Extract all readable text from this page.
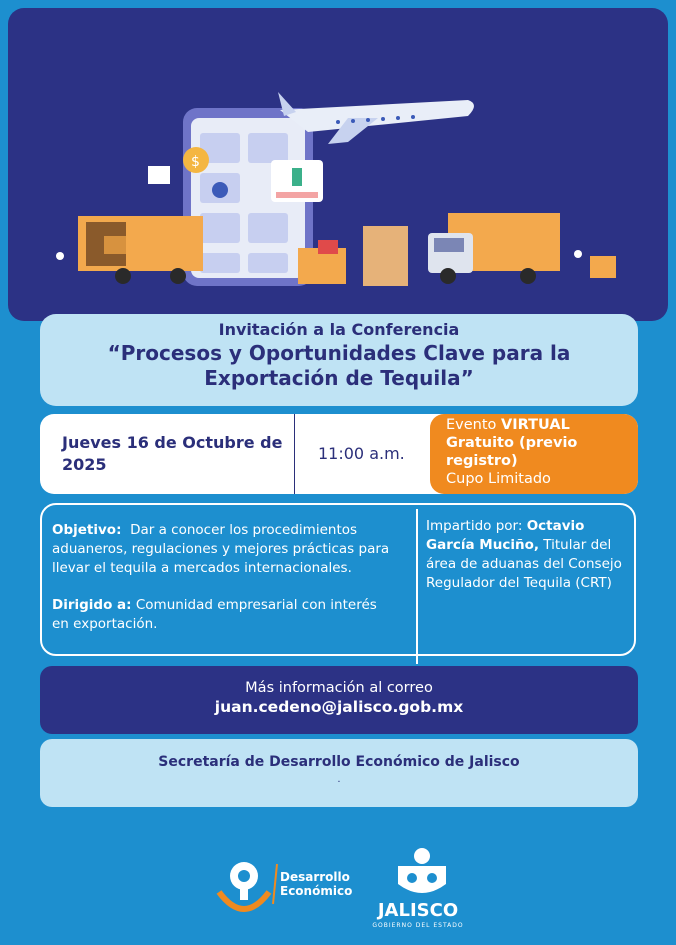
$
Invitación a la Conferencia
“Procesos y Oportunidades Clave para la Exportación de Tequila”
Jueves 16 de Octubre de 2025
11:00 a.m.
Evento VIRTUAL
Gratuito (previo registro)
Cupo Limitado
Objetivo: Dar a conocer los procedimientos aduaneros, regulaciones y mejores prácticas para llevar el tequila a mercados internacionales.
Dirigido a: Comunidad empresarial con interés en exportación.
Impartido por: Octavio García Muciño, Titular del área de aduanas del Consejo Regulador del Tequila (CRT)
Más información al correo
juan.cedeno@jalisco.gob.mx
Secretaría de Desarrollo Económico de Jalisco
.
Desarrollo
Económico
JALISCO
GOBIERNO DEL ESTADO
